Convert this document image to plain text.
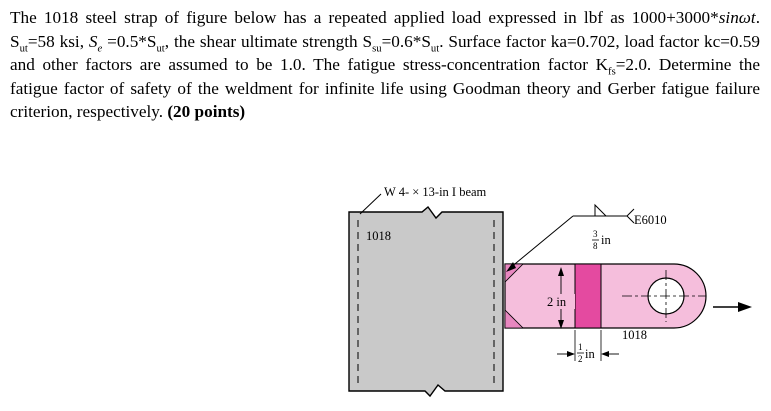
The 1018 steel strap of figure below has a repeated applied load expressed in lbf as 1000+3000*sinωt. $S_{ut}=58$ ksi, $S_e =0.5*S_{ut}$, the shear ultimate strength $S_{su}=0.6*S_{ut}$. Surface factor ka=0.702, load factor kc=0.59 and other factors are assumed to be 1.0. The fatigue stress-concentration factor $K_{fs}=2.0$. Determine the fatigue factor of safety of the weldment for infinite life using Goodman theory and Gerber fatigue failure criterion, respectively. (20 points)

W 4- × 13-in I beam
1018
1018
E6010
3
8 in
2 in
1
2 in
